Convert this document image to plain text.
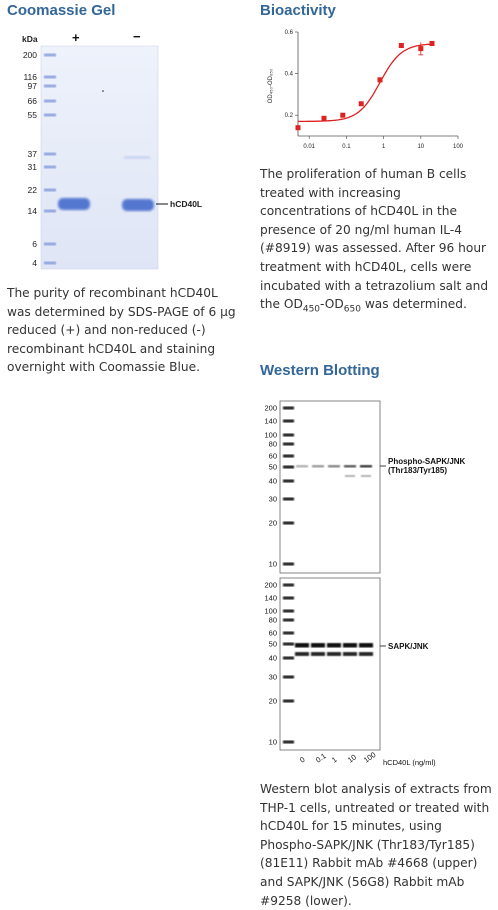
Coomassie Gel
kDa	+	−
200
116
97
66
55
37
31
22
14
6
4
hCD40L
The purity of recombinant hCD40L was determined by SDS-PAGE of 6 µg reduced (+) and non-reduced (-) recombinant hCD40L and staining overnight with Coomassie Blue.
Bioactivity
OD₄₅₀-OD₆₅₀
0.2
0.4
0.6
0.01	0.1	1	10	100
The proliferation of human B cells treated with increasing concentrations of hCD40L in the presence of 20 ng/ml human IL-4 (#8919) was assessed. After 96 hour treatment with hCD40L, cells were incubated with a tetrazolium salt and the $OD_{450}-OD_{650}$ was determined.
Western Blotting
200
140
100
80
60
50
40
30
20
10
Phospho-SAPK/JNK
(Thr183/Tyr185)
200
140
100
80
60
50
40
30
20
10
SAPK/JNK
0 0.1 1 10 100 hCD40L (ng/ml)
Western blot analysis of extracts from THP-1 cells, untreated or treated with hCD40L for 15 minutes, using Phospho-SAPK/JNK (Thr183/Tyr185) (81E11) Rabbit mAb #4668 (upper) and SAPK/JNK (56G8) Rabbit mAb #9258 (lower).
